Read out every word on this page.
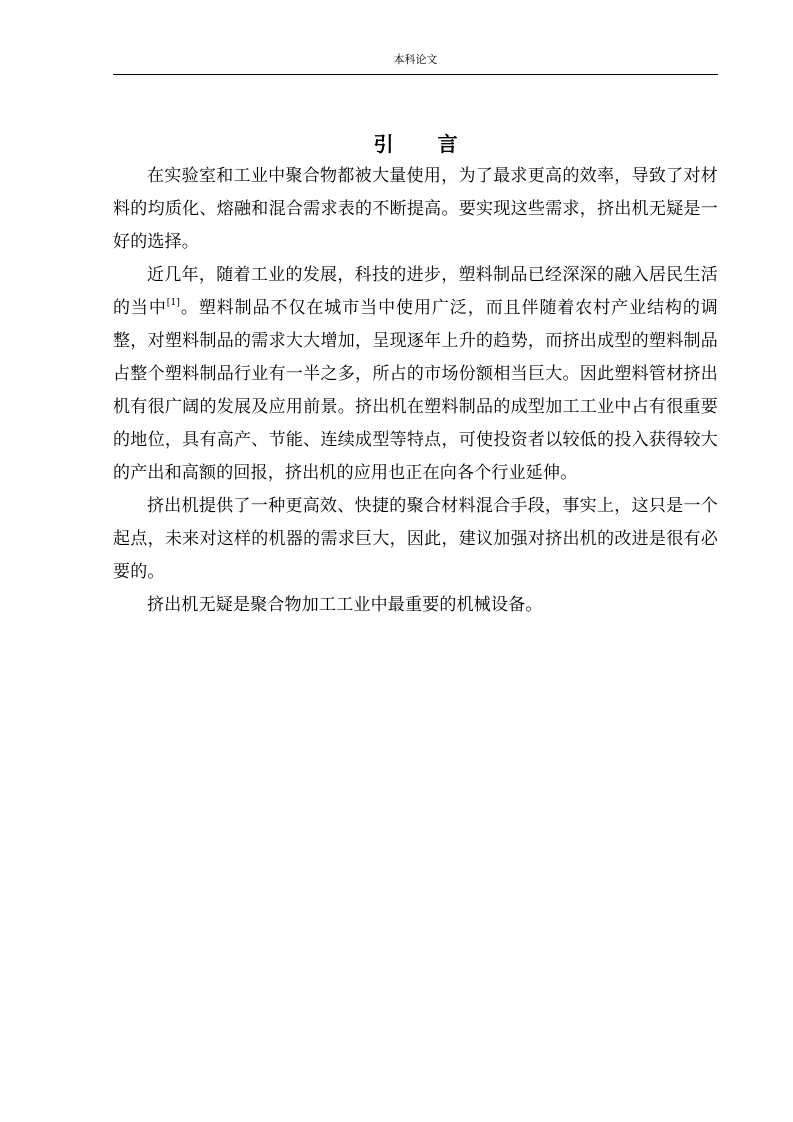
本科论文
引 言

在实验室和工业中聚合物都被大量使用，为了最求更高的效率，导致了对材料的均质化、熔融和混合需求表的不断提高。要实现这些需求，挤出机无疑是一好的选择。

近几年，随着工业的发展，科技的进步，塑料制品已经深深的融入居民生活的当中[1]。塑料制品不仅在城市当中使用广泛，而且伴随着农村产业结构的调整，对塑料制品的需求大大增加，呈现逐年上升的趋势，而挤出成型的塑料制品占整个塑料制品行业有一半之多，所占的市场份额相当巨大。因此塑料管材挤出机有很广阔的发展及应用前景。挤出机在塑料制品的成型加工工业中占有很重要的地位，具有高产、节能、连续成型等特点，可使投资者以较低的投入获得较大的产出和高额的回报，挤出机的应用也正在向各个行业延伸。

挤出机提供了一种更高效、快捷的聚合材料混合手段，事实上，这只是一个起点，未来对这样的机器的需求巨大，因此，建议加强对挤出机的改进是很有必要的。

挤出机无疑是聚合物加工工业中最重要的机械设备。
